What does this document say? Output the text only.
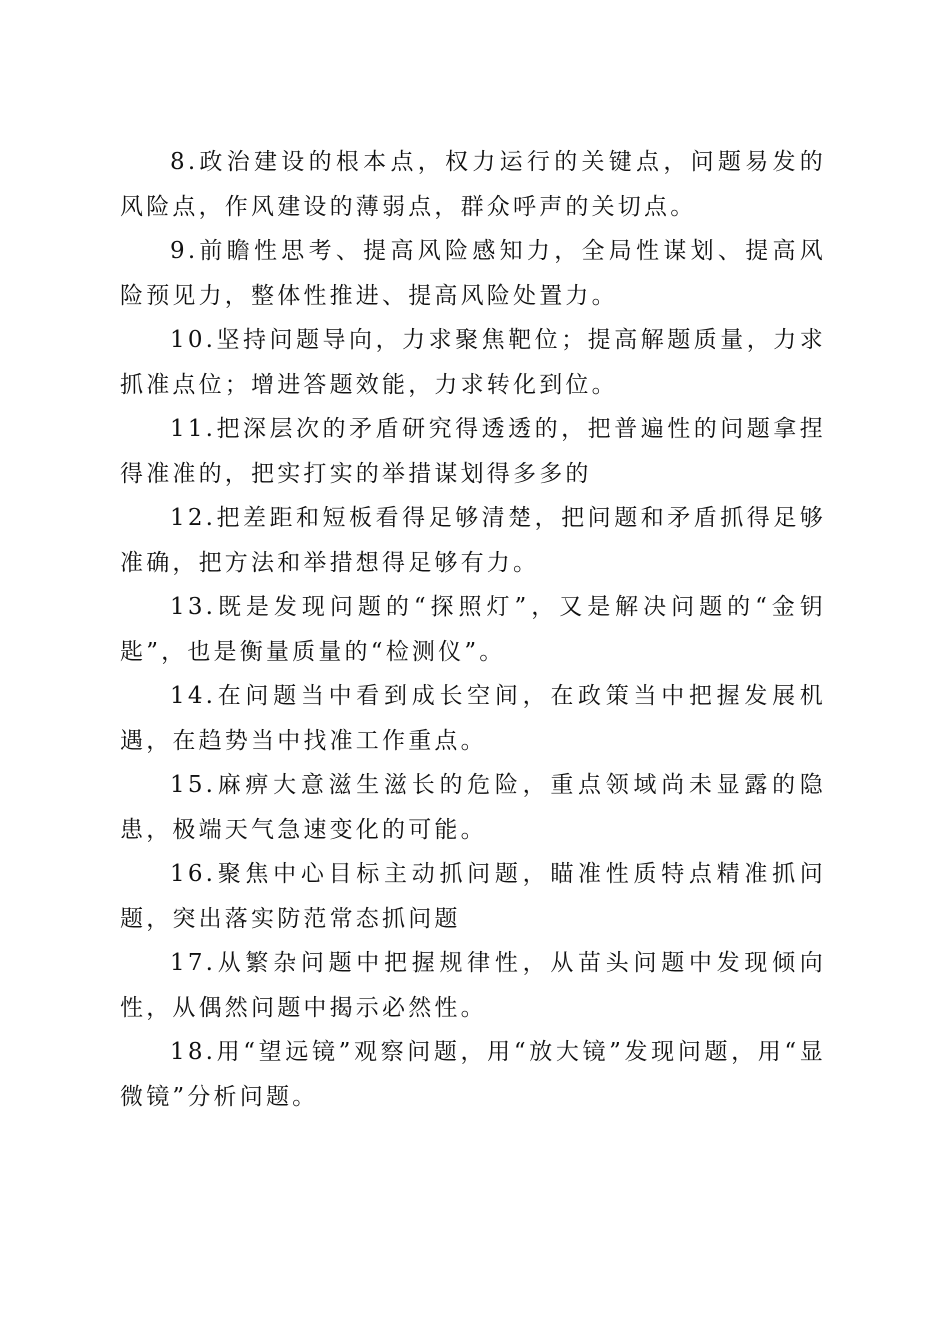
8.政治建设的根本点，权力运行的关键点，问题易发的风险点，作风建设的薄弱点，群众呼声的关切点。

9.前瞻性思考、提高风险感知力，全局性谋划、提高风险预见力，整体性推进、提高风险处置力。

10.坚持问题导向，力求聚焦靶位；提高解题质量，力求抓准点位；增进答题效能，力求转化到位。

11.把深层次的矛盾研究得透透的，把普遍性的问题拿捏得准准的，把实打实的举措谋划得多多的

12.把差距和短板看得足够清楚，把问题和矛盾抓得足够准确，把方法和举措想得足够有力。

13.既是发现问题的“探照灯”，又是解决问题的“金钥匙”，也是衡量质量的“检测仪”。

14.在问题当中看到成长空间，在政策当中把握发展机遇，在趋势当中找准工作重点。

15.麻痹大意滋生滋长的危险，重点领域尚未显露的隐患，极端天气急速变化的可能。

16.聚焦中心目标主动抓问题，瞄准性质特点精准抓问题，突出落实防范常态抓问题

17.从繁杂问题中把握规律性，从苗头问题中发现倾向性，从偶然问题中揭示必然性。

18.用“望远镜”观察问题，用“放大镜”发现问题，用“显微镜”分析问题。
